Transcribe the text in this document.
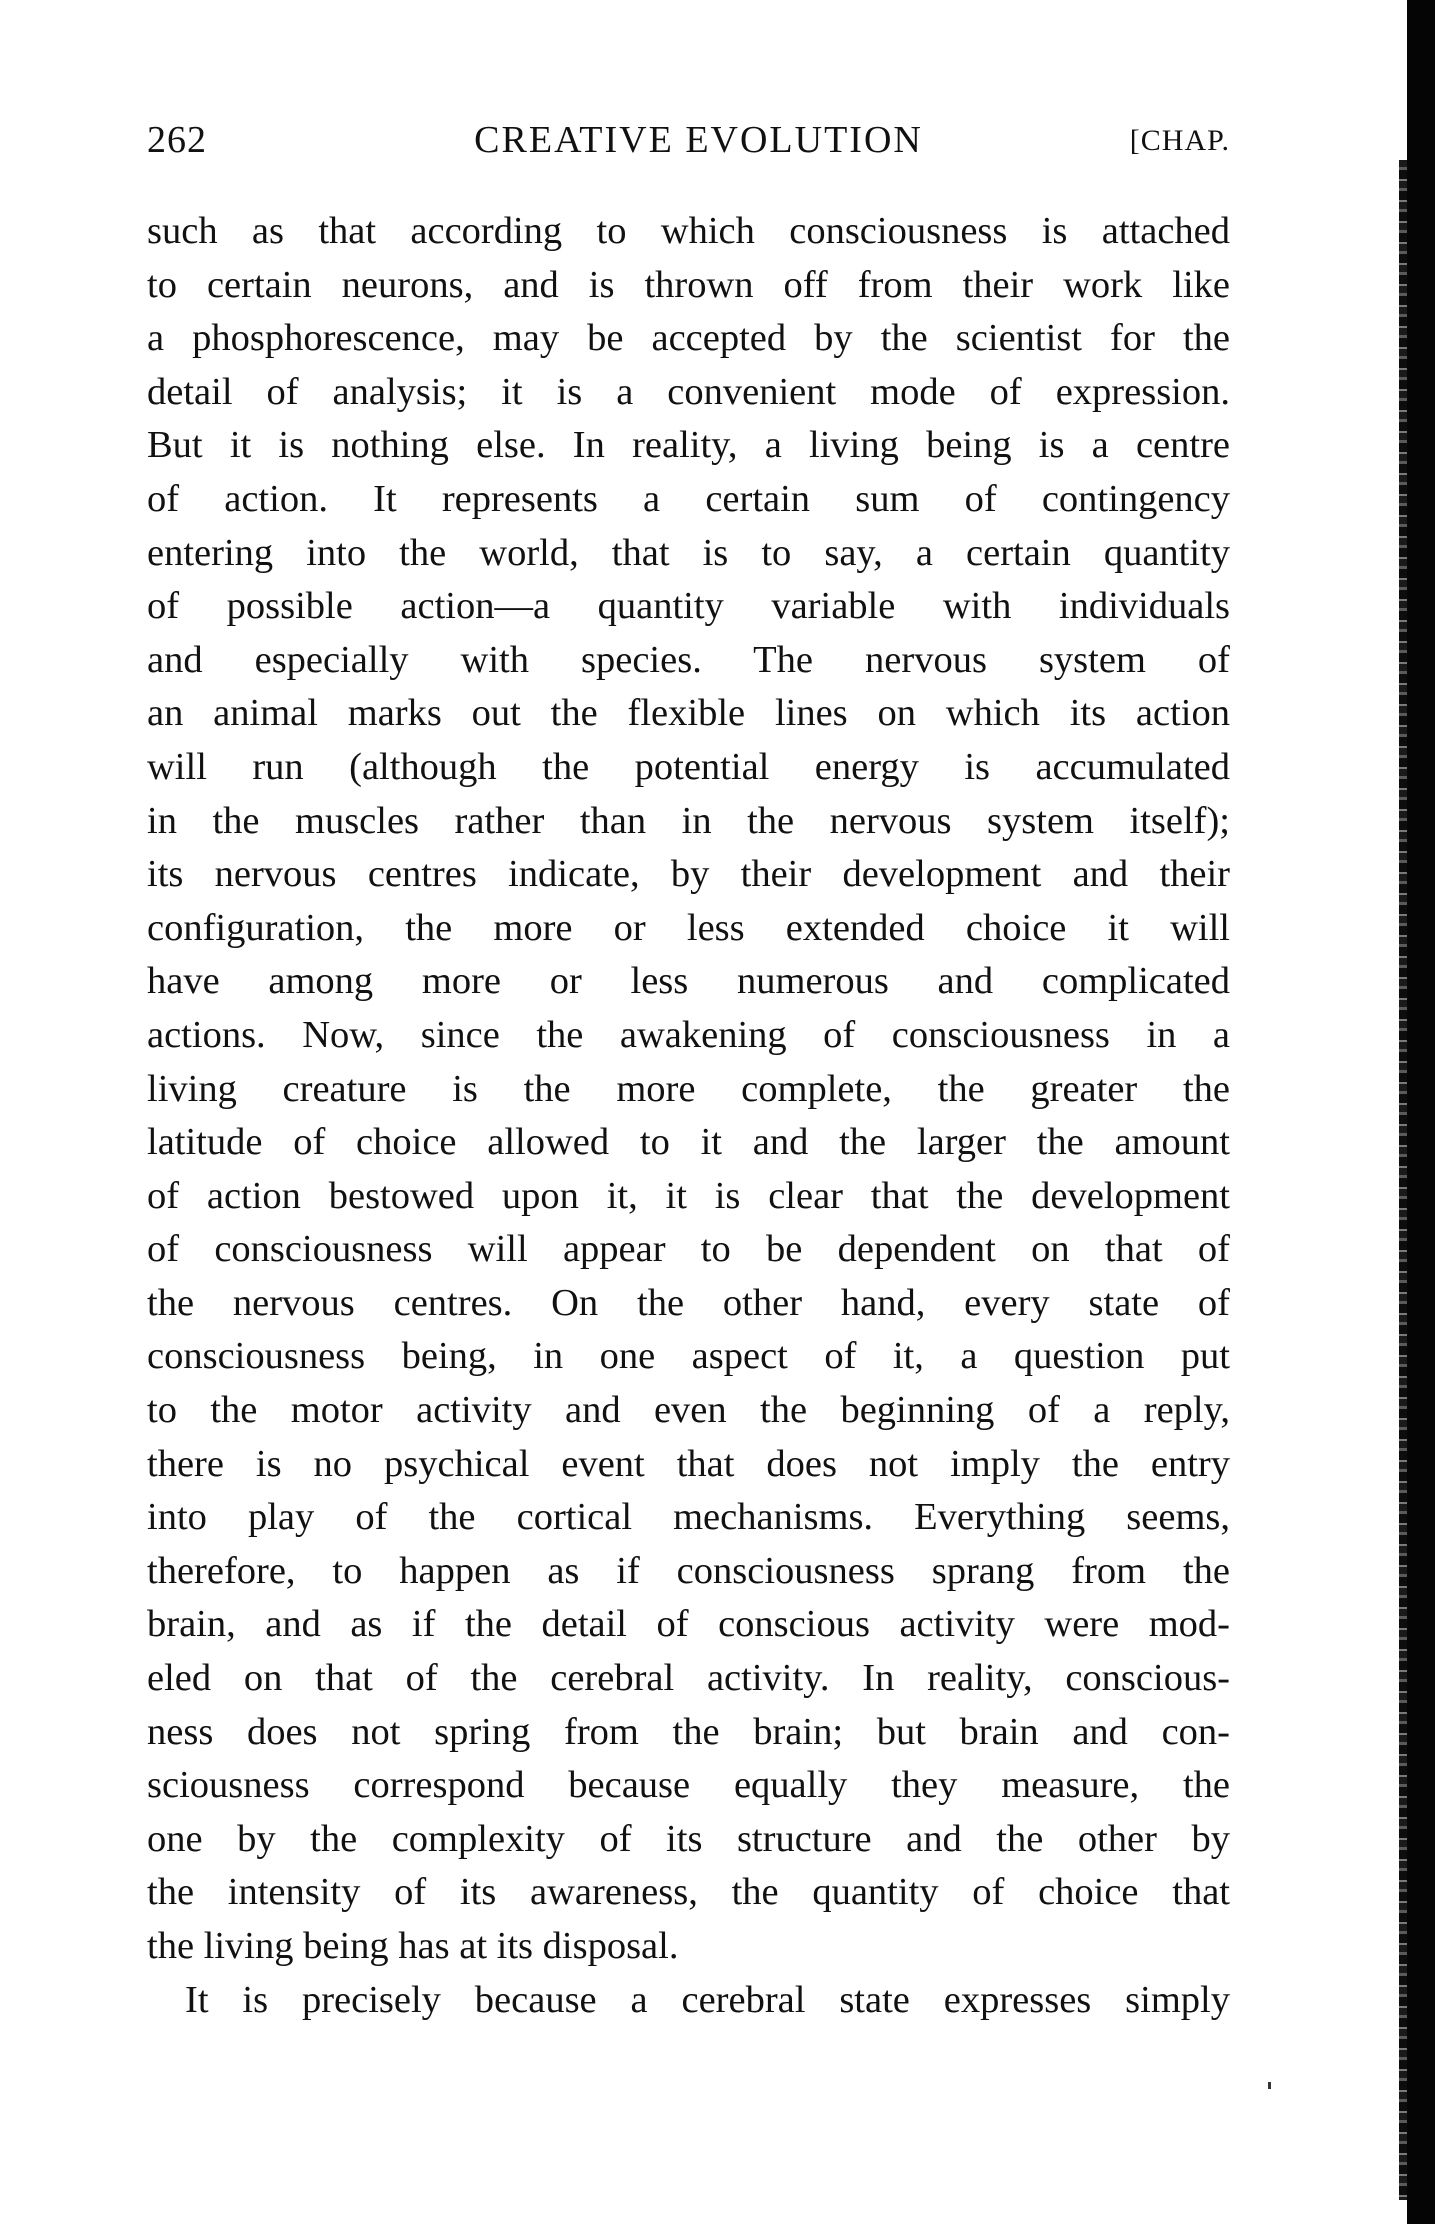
262	CREATIVE EVOLUTION	[CHAP.
such as that according to which consciousness is attached
to certain neurons, and is thrown off from their work like
a phosphorescence, may be accepted by the scientist for the
detail of analysis; it is a convenient mode of expression.
But it is nothing else. In reality, a living being is a centre
of action. It represents a certain sum of contingency
entering into the world, that is to say, a certain quantity
of possible action—a quantity variable with individuals
and especially with species. The nervous system of
an animal marks out the flexible lines on which its action
will run (although the potential energy is accumulated
in the muscles rather than in the nervous system itself);
its nervous centres indicate, by their development and their
configuration, the more or less extended choice it will
have among more or less numerous and complicated
actions. Now, since the awakening of consciousness in a
living creature is the more complete, the greater the
latitude of choice allowed to it and the larger the amount
of action bestowed upon it, it is clear that the development
of consciousness will appear to be dependent on that of
the nervous centres. On the other hand, every state of
consciousness being, in one aspect of it, a question put
to the motor activity and even the beginning of a reply,
there is no psychical event that does not imply the entry
into play of the cortical mechanisms. Everything seems,
therefore, to happen as if consciousness sprang from the
brain, and as if the detail of conscious activity were mod-
eled on that of the cerebral activity. In reality, conscious-
ness does not spring from the brain; but brain and con-
sciousness correspond because equally they measure, the
one by the complexity of its structure and the other by
the intensity of its awareness, the quantity of choice that
the living being has at its disposal.
It is precisely because a cerebral state expresses simply
